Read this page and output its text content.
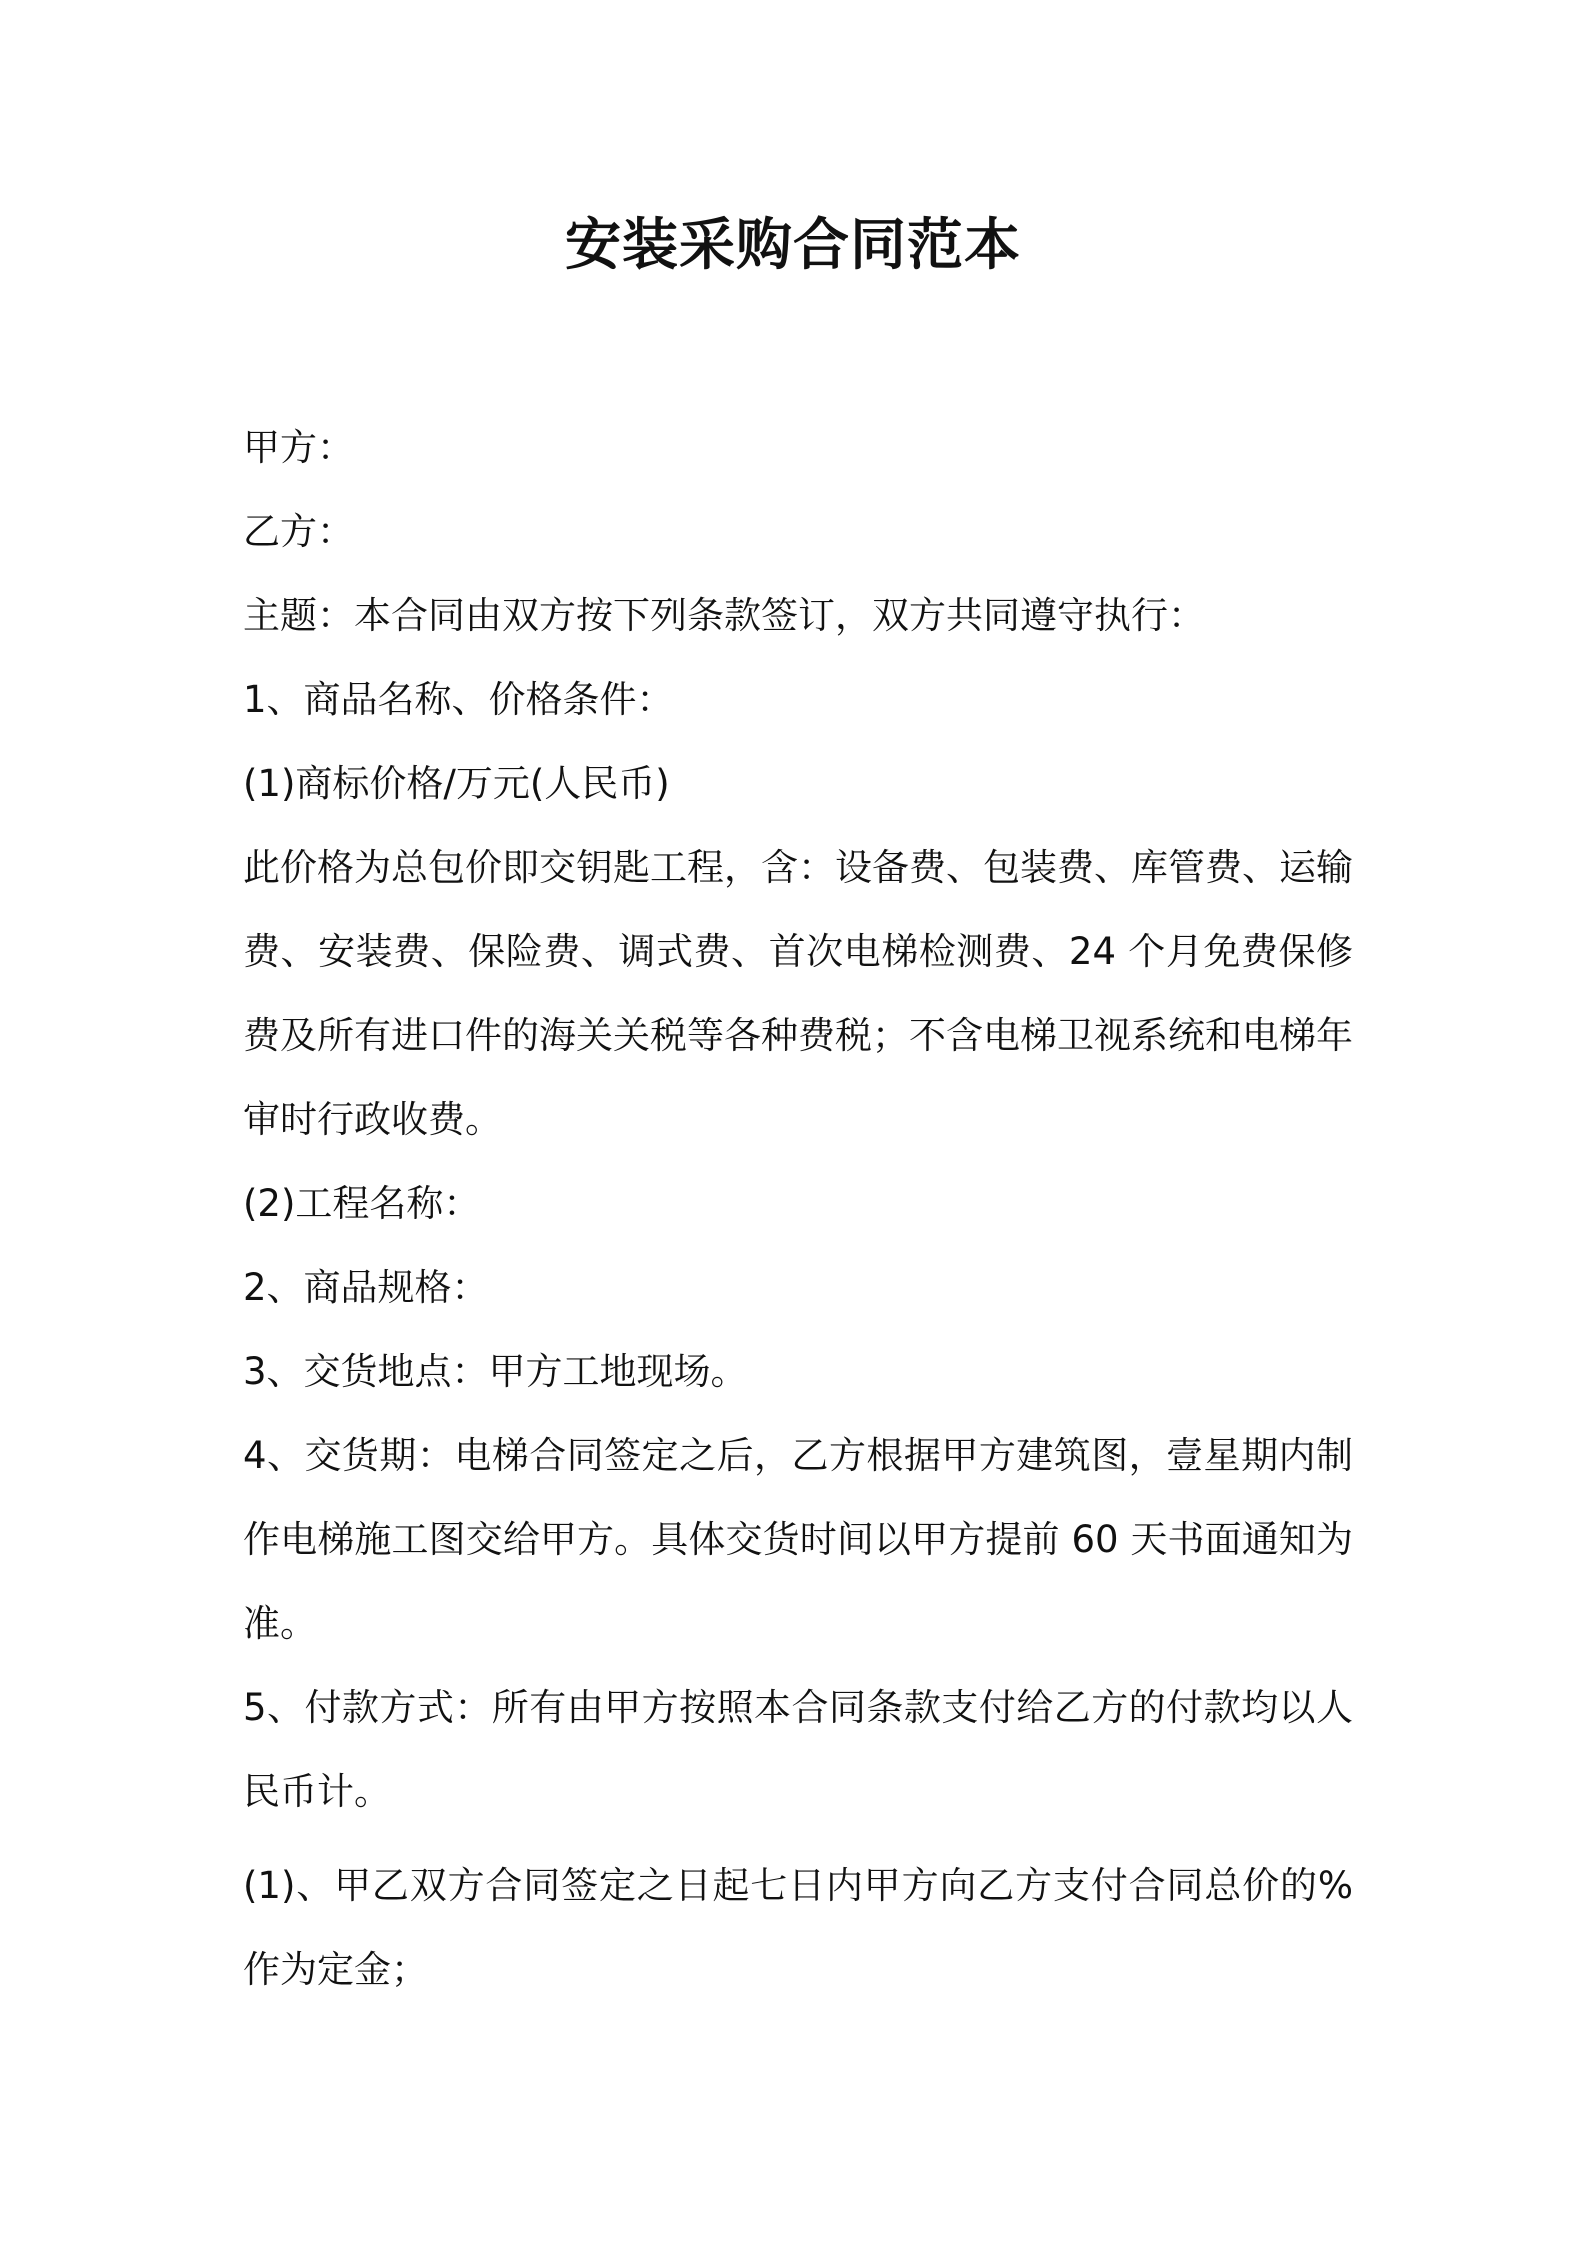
安装采购合同范本

甲方：

乙方：

主题：本合同由双方按下列条款签订，双方共同遵守执行：

1、商品名称、价格条件：

(1)商标价格/万元(人民币)

此价格为总包价即交钥匙工程，含：设备费、包装费、库管费、运输费、安装费、保险费、调式费、首次电梯检测费、24 个月免费保修费及所有进口件的海关关税等各种费税；不含电梯卫视系统和电梯年审时行政收费。

(2)工程名称：

2、商品规格：

3、交货地点：甲方工地现场。

4、交货期：电梯合同签定之后，乙方根据甲方建筑图，壹星期内制作电梯施工图交给甲方。具体交货时间以甲方提前 60 天书面通知为准。

5、付款方式：所有由甲方按照本合同条款支付给乙方的付款均以人民币计。

(1)、甲乙双方合同签定之日起七日内甲方向乙方支付合同总价的%作为定金；
